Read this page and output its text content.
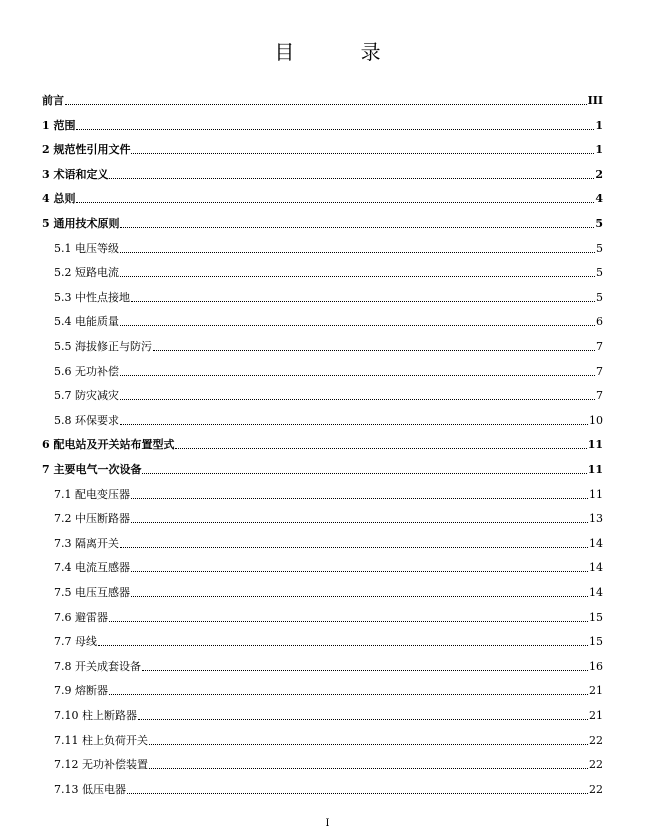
目 录
前言	III
1 范围	1
2 规范性引用文件	1
3 术语和定义	2
4 总则	4
5 通用技术原则	5
5.1 电压等级	5
5.2 短路电流	5
5.3 中性点接地	5
5.4 电能质量	6
5.5 海拔修正与防污	7
5.6 无功补偿	7
5.7 防灾减灾	7
5.8 环保要求	10
6 配电站及开关站布置型式	11
7 主要电气一次设备	11
7.1 配电变压器	11
7.2 中压断路器	13
7.3 隔离开关	14
7.4 电流互感器	14
7.5 电压互感器	14
7.6 避雷器	15
7.7 母线	15
7.8 开关成套设备	16
7.9 熔断器	21
7.10 柱上断路器	21
7.11 柱上负荷开关	22
7.12 无功补偿装置	22
7.13 低压电器	22
I
